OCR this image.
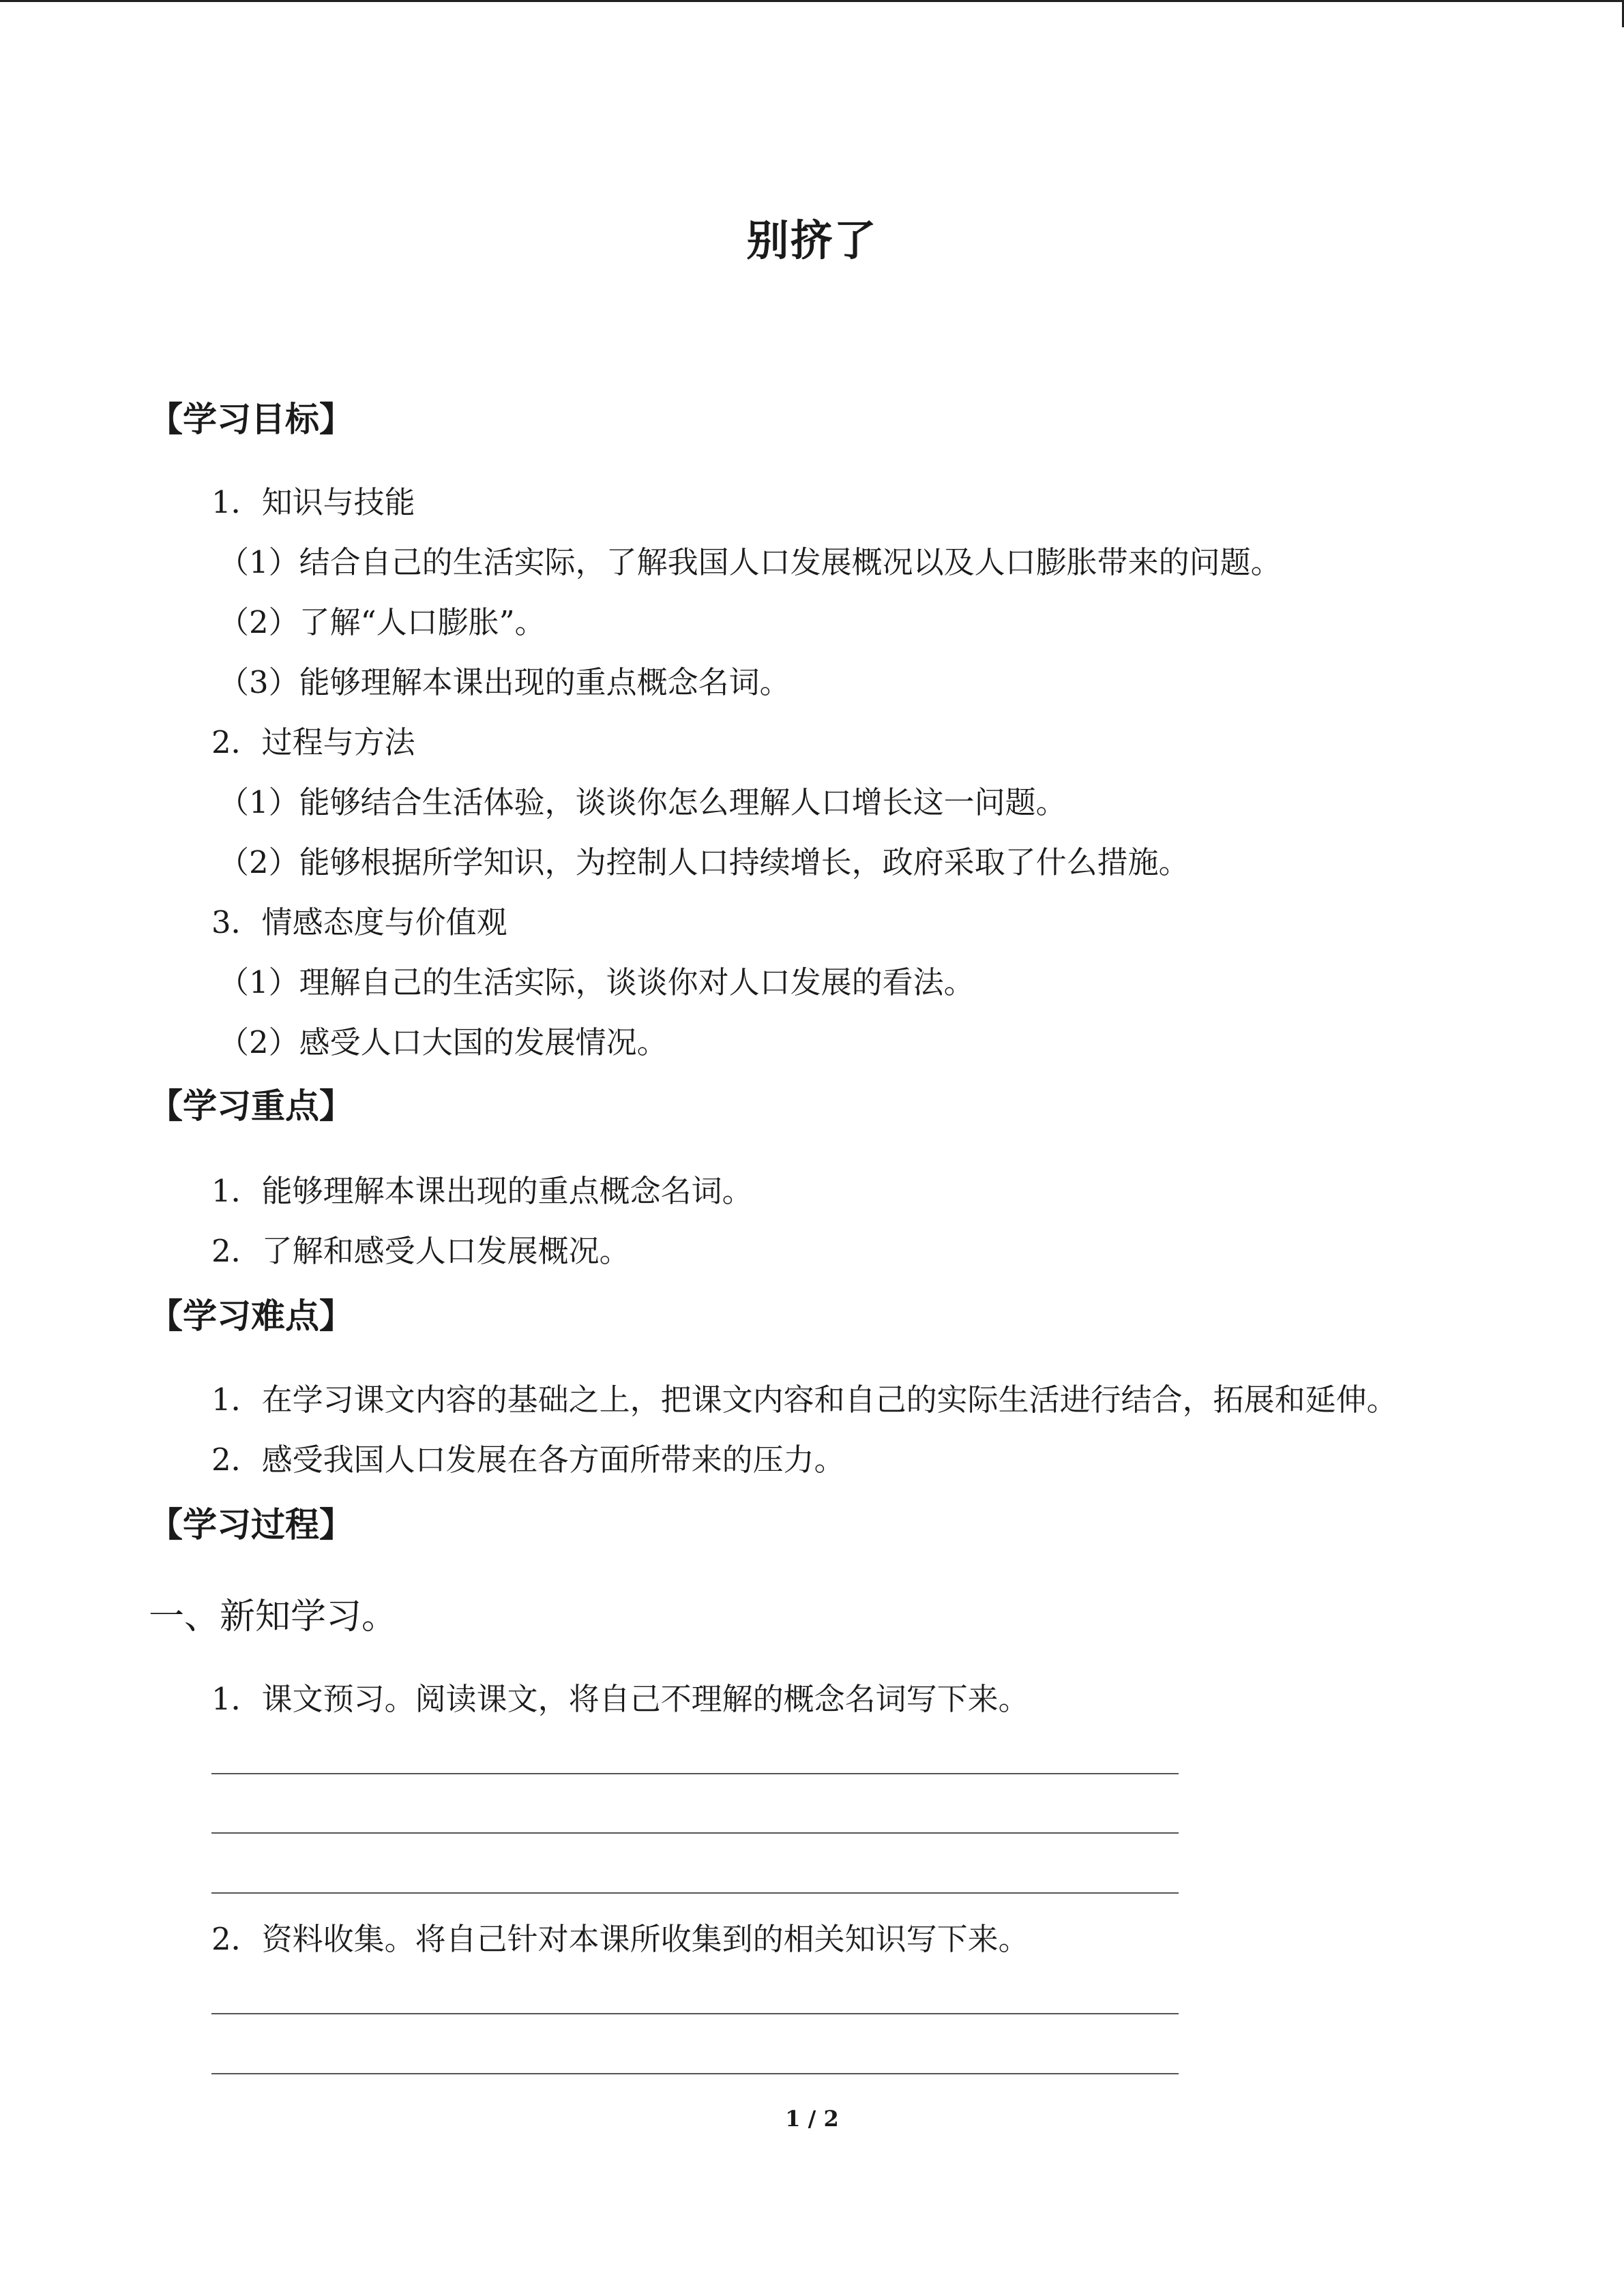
别挤了
【学习目标】
1．知识与技能
（1）结合自己的生活实际，了解我国人口发展概况以及人口膨胀带来的问题。
（2）了解“人口膨胀”。
（3）能够理解本课出现的重点概念名词。
2．过程与方法
（1）能够结合生活体验，谈谈你怎么理解人口增长这一问题。
（2）能够根据所学知识，为控制人口持续增长，政府采取了什么措施。
3．情感态度与价值观
（1）理解自己的生活实际，谈谈你对人口发展的看法。
（2）感受人口大国的发展情况。
【学习重点】
1．能够理解本课出现的重点概念名词。
2．了解和感受人口发展概况。
【学习难点】
1．在学习课文内容的基础之上，把课文内容和自己的实际生活进行结合，拓展和延伸。
2．感受我国人口发展在各方面所带来的压力。
【学习过程】
一、新知学习。
1．课文预习。阅读课文，将自己不理解的概念名词写下来。
2．资料收集。将自己针对本课所收集到的相关知识写下来。
1 / 2
